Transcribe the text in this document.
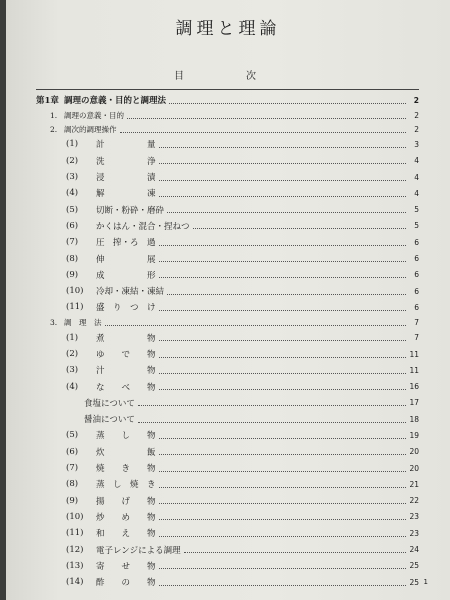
調理と理論
目　次
第1章 調理の意義・目的と調理法	2
1. 調理の意義・目的	2
2. 調次的調理操作	2
(1)	計　　　　　量	3
(2)	洗　　　　　浄	4
(3)	浸　　　　　漬	4
(4)	解　　　　　凍	4
(5)	切断・粉砕・磨砕	5
(6)	かくはん・混合・捏ねつ	5
(7)	圧　搾・ろ　過	6
(8)	伸　　　　　展	6
(9)	成　　　　　形	6
(10)	冷却・凍結・凍結	6
(11)	盛　り　つ　け	6
3. 調　理　法	7
(1)	煮　　　　　物	7
(2)	ゆ　　で　　物	11
(3)	汁　　　　　物	11
(4)	な　　べ　　物	16
食塩について	17
醤油について	18
(5)	蒸　　し　　物	19
(6)	炊　　　　　飯	20
(7)	焼　　き　　物	20
(8)	蒸　し　焼　き	21
(9)	揚　　げ　　物	22
(10)	炒　　め　　物	23
(11)	和　　え　　物	23
(12)	電子レンジによる調理	24
(13)	寄　　せ　　物	25
(14)	酢　　の　　物	25 1
